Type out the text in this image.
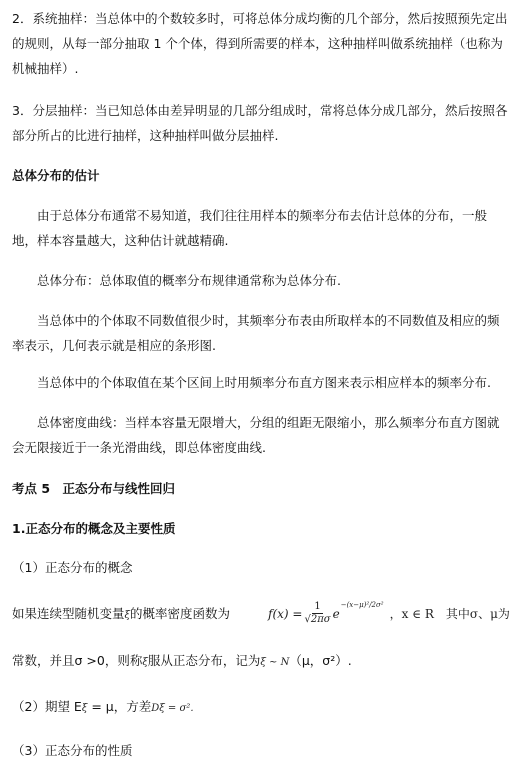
2．系统抽样：当总体中的个数较多时，可将总体分成均衡的几个部分，然后按照预先定出的规则，从每一部分抽取 1 个个体，得到所需要的样本，这种抽样叫做系统抽样（也称为机械抽样）.

3．分层抽样：当已知总体由差异明显的几部分组成时，常将总体分成几部分，然后按照各部分所占的比进行抽样，这种抽样叫做分层抽样.

总体分布的估计

由于总体分布通常不易知道，我们往往用样本的频率分布去估计总体的分布，一般地，样本容量越大，这种估计就越精确.

总体分布：总体取值的概率分布规律通常称为总体分布.

当总体中的个体取不同数值很少时，其频率分布表由所取样本的不同数值及相应的频率表示，几何表示就是相应的条形图.

当总体中的个体取值在某个区间上时用频率分布直方图来表示相应样本的频率分布.

总体密度曲线：当样本容量无限增大，分组的组距无限缩小，那么频率分布直方图就会无限接近于一条光滑曲线，即总体密度曲线.

考点 5　正态分布与线性回归

1.正态分布的概念及主要性质

（1）正态分布的概念

如果连续型随机变量ξ的概率密度函数为	$f(x) = \frac{1}{√2\pi\sigma}$ e
−(x−μ)²/2σ²
，x ∈ R　其中σ、μ为

常数，并且σ >0，则称ξ服从正态分布，记为ξ ~ N（μ，σ²）.

（2）期望 Eξ = μ，方差Dξ = σ².

（3）正态分布的性质
